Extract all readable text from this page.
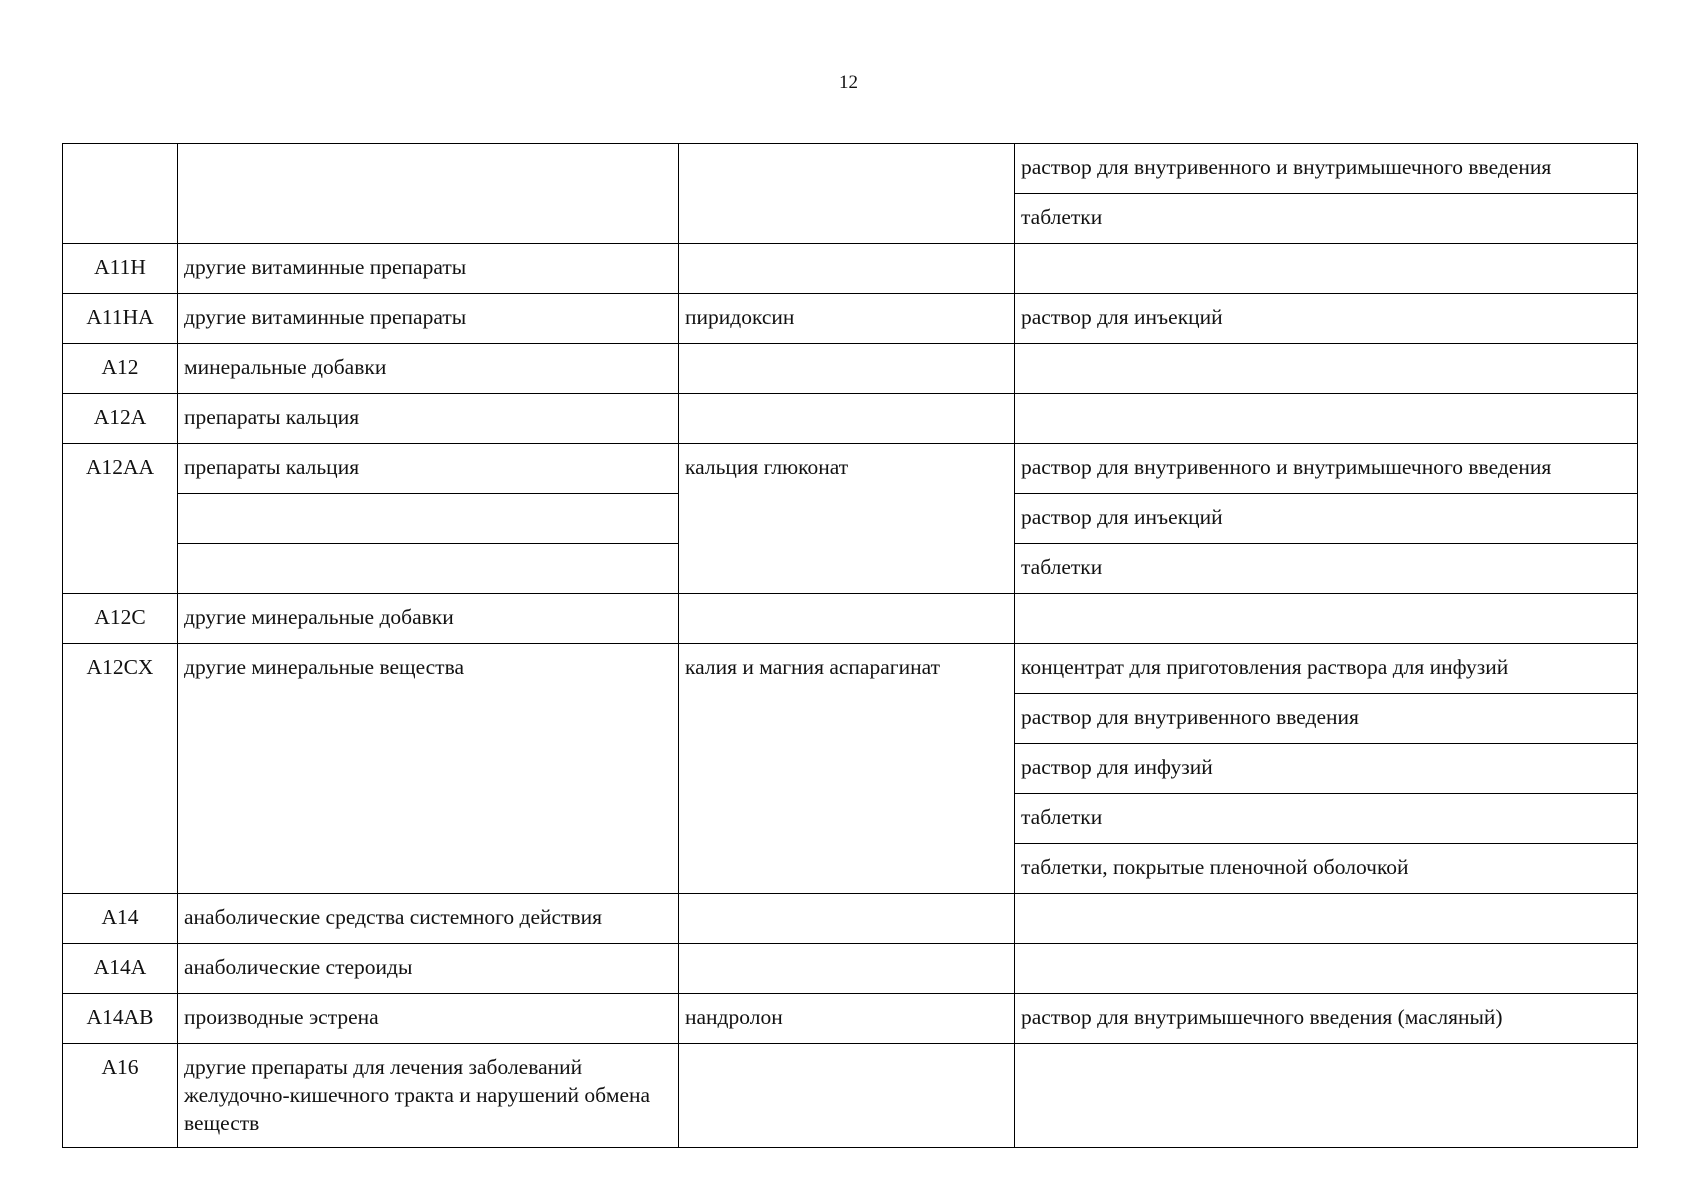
12
			раствор для внутривенного и внутримышечного введения
			таблетки
A11H	другие витаминные препараты		
A11HA	другие витаминные препараты	пиридоксин	раствор для инъекций
A12	минеральные добавки		
A12A	препараты кальция		
A12AA	препараты кальция	кальция глюконат	раствор для внутривенного и внутримышечного введения
			раствор для инъекций
			таблетки
A12C	другие минеральные добавки		
A12CX	другие минеральные вещества	калия и магния аспарагинат	концентрат для приготовления раствора для инфузий
			раствор для внутривенного введения
			раствор для инфузий
			таблетки
			таблетки, покрытые пленочной оболочкой
A14	анаболические средства системного действия		
A14A	анаболические стероиды		
A14AB	производные эстрена	нандролон	раствор для внутримышечного введения (масляный)
A16	другие препараты для лечения заболеваний желудочно-кишечного тракта и нарушений обмена веществ		
